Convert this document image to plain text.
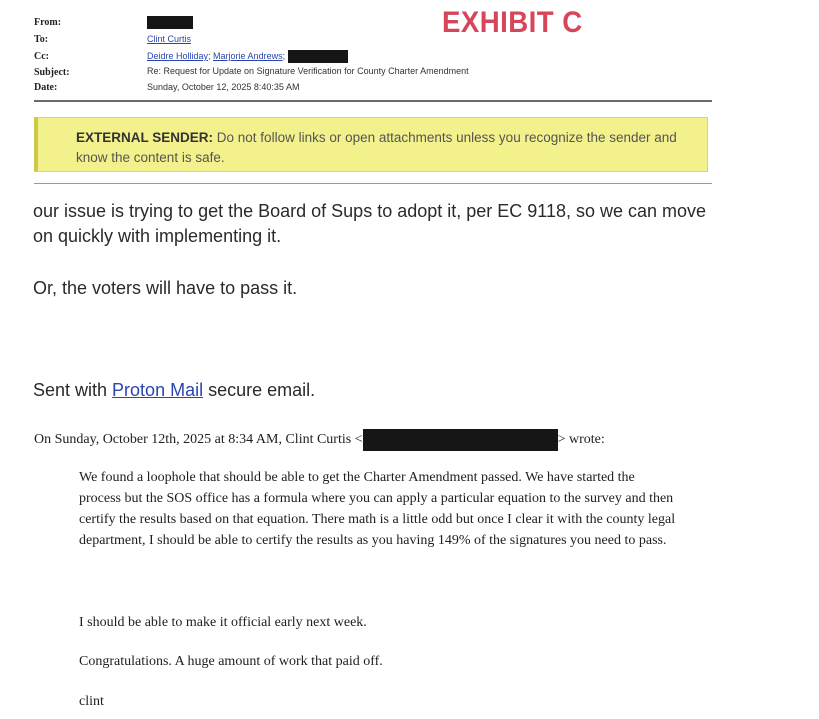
From:
To:	Clint Curtis
Cc:	Deidre Holliday; Marjorie Andrews;
Subject:	Re: Request for Update on Signature Verification for County Charter Amendment
Date:	Sunday, October 12, 2025 8:40:35 AM
EXHIBIT C
EXTERNAL SENDER: Do not follow links or open attachments unless you recognize the sender and know the content is safe.
our issue is trying to get the Board of Sups to adopt it, per EC 9118, so we can move on quickly with implementing it.
Or, the voters will have to pass it.
Sent with Proton Mail secure email.
On Sunday, October 12th, 2025 at 8:34 AM, Clint Curtis <	> wrote:
We found a loophole that should be able to get the Charter Amendment passed. We have started the process but the SOS office has a formula where you can apply a particular equation to the survey and then certify the results based on that equation. There math is a little odd but once I clear it with the county legal department, I should be able to certify the results as you having 149% of the signatures you need to pass.
I should be able to make it official early next week.
Congratulations. A huge amount of work that paid off.
clint
